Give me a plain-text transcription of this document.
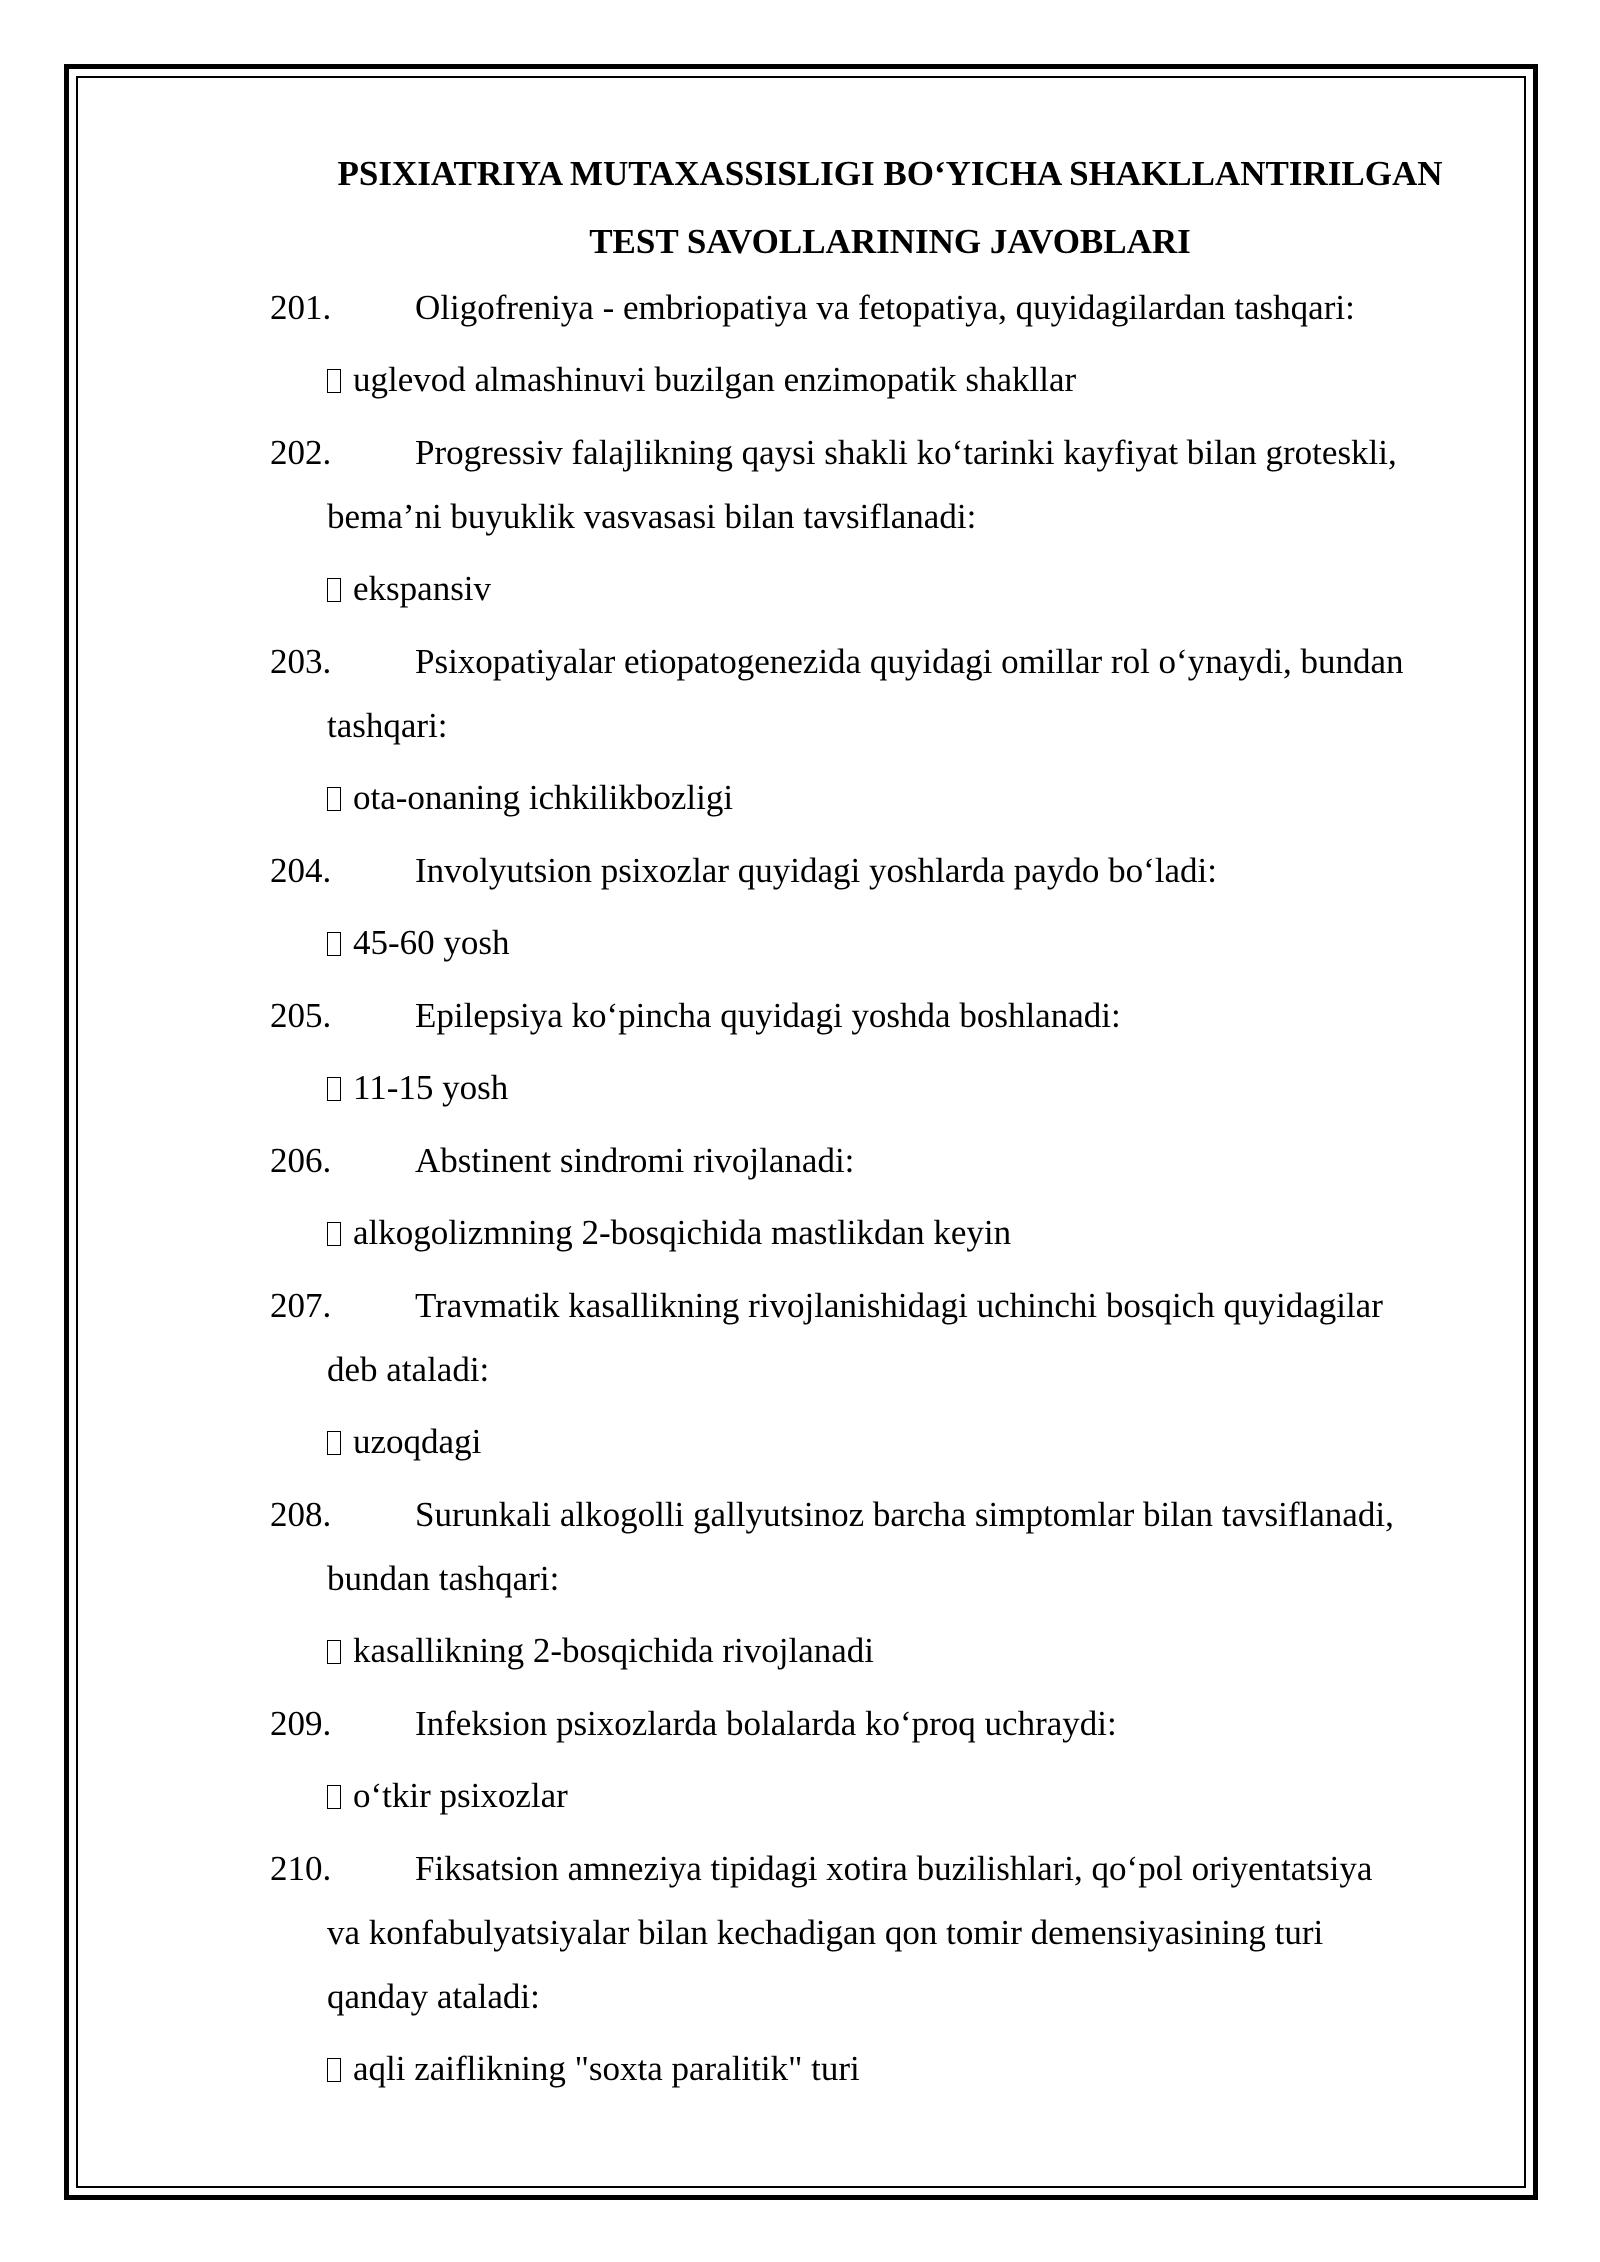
PSIXIATRIYA MUTAXASSISLIGI BO‘YICHA SHAKLLANTIRILGAN
TEST SAVOLLARINING JAVOBLARI
201.	Oligofreniya - embriopatiya va fetopatiya, quyidagilardan tashqari:
uglevod almashinuvi buzilgan enzimopatik shakllar
202.	Progressiv falajlikning qaysi shakli ko‘tarinki kayfiyat bilan groteskli,
bema’ni buyuklik vasvasasi bilan tavsiflanadi:
ekspansiv
203.	Psixopatiyalar etiopatogenezida quyidagi omillar rol o‘ynaydi, bundan
tashqari:
ota-onaning ichkilikbozligi
204.	Involyutsion psixozlar quyidagi yoshlarda paydo bo‘ladi:
45-60 yosh
205.	Epilepsiya ko‘pincha quyidagi yoshda boshlanadi:
11-15 yosh
206.	Abstinent sindromi rivojlanadi:
alkogolizmning 2-bosqichida mastlikdan keyin
207.	Travmatik kasallikning rivojlanishidagi uchinchi bosqich quyidagilar
deb ataladi:
uzoqdagi
208.	Surunkali alkogolli gallyutsinoz barcha simptomlar bilan tavsiflanadi,
bundan tashqari:
kasallikning 2-bosqichida rivojlanadi
209.	Infeksion psixozlarda bolalarda ko‘proq uchraydi:
o‘tkir psixozlar
210.	Fiksatsion amneziya tipidagi xotira buzilishlari, qo‘pol oriyentatsiya
va konfabulyatsiyalar bilan kechadigan qon tomir demensiyasining turi
qanday ataladi:
aqli zaiflikning "soxta paralitik" turi
